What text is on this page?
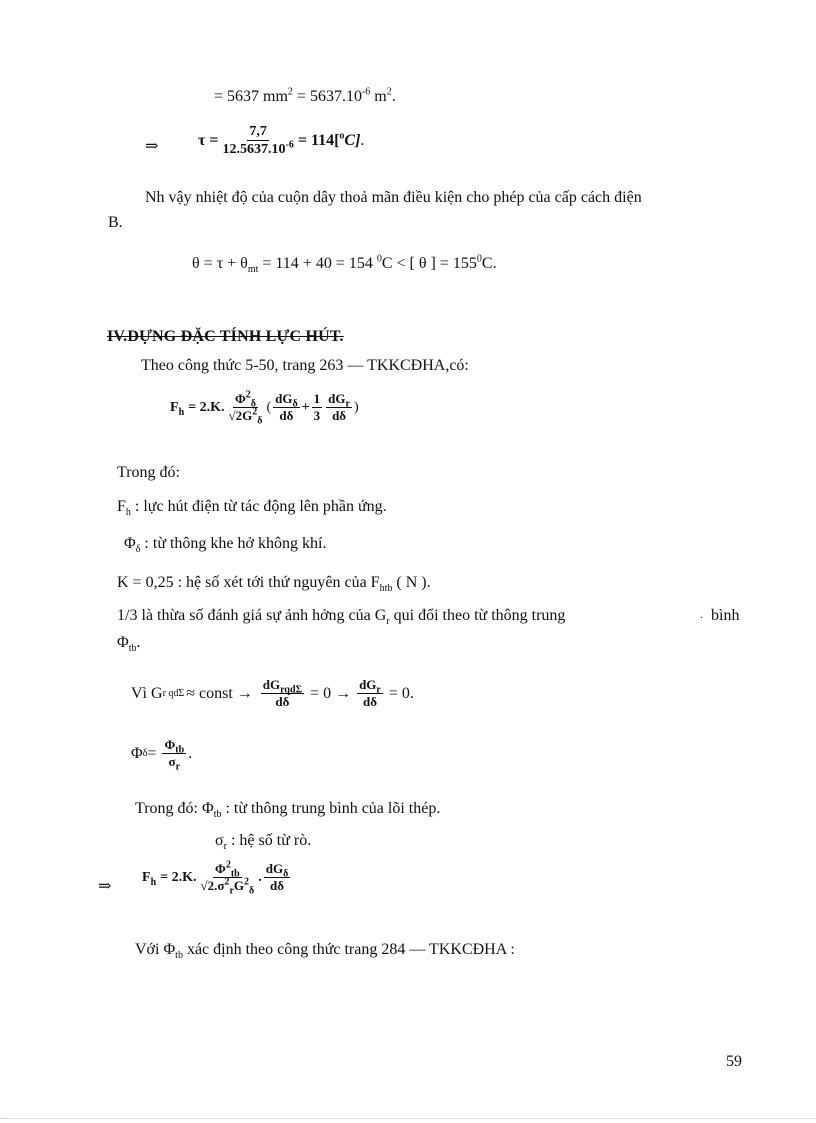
= 5637 $mm^2 = 5637.10^{-6}$ $m^2$.
⇒ $\tau = \frac{7,7}{12.5637.10^{-6}} = 114[^oC]$ .
Nh vậy nhiệt độ của cuộn dây thoả mãn điều kiện cho phép của cấp cách điện
B.
$\theta = \tau + \theta_{mt} = 114 + 40 = 154$ $^0$C < [ θ ] = $155^0C$.
IV.DỰNG ĐẶC TÍNH LỰC HÚT.
Theo công thức 5-50, trang 263 — TKKCĐHA,có:
$F_h = 2.K$. $\frac{\Phi^2_\delta}{√2G^2_\delta}$ ( $\frac{dG_\delta}{d\delta} + \frac{1}{3} \frac{dG_r}{d\delta}$ )
Trong đó:
$F_h$ : lực hút điện từ tác động lên phần ứng.
$\Phi_\delta$ : từ thông khe hở không khí.
K = 0,25 : hệ số xét tới thứ nguyên của $F_{htb}$ ( N ).
1/3 là thừa số đánh giá sự ảnh hởng của $G_r$ qui đổi theo từ thông trung	. bình
$\Phi_{tb}$.
Vì G r qdΣ ≈ const → $\frac{dG_{rqd\Sigma}}{d\delta} = 0 \to \frac{dG_r}{d\delta} = 0$.
Φ $\delta = \frac{\Phi_{tb}}{\sigma_r}$ .
Trong đó: $\Phi_{tb}$ : từ thông trung bình của lõi thép.
$\sigma_r$ : hệ số từ rò.
⇒
$F_h = 2.K$. $\frac{\Phi^2_{tb}}{√2.\sigma^2_rG^2_\delta}$ . $\frac{dG_\delta}{d\delta}$
Với $\Phi_{tb}$ xác định theo công thức trang 284 — TKKCĐHA :
59
